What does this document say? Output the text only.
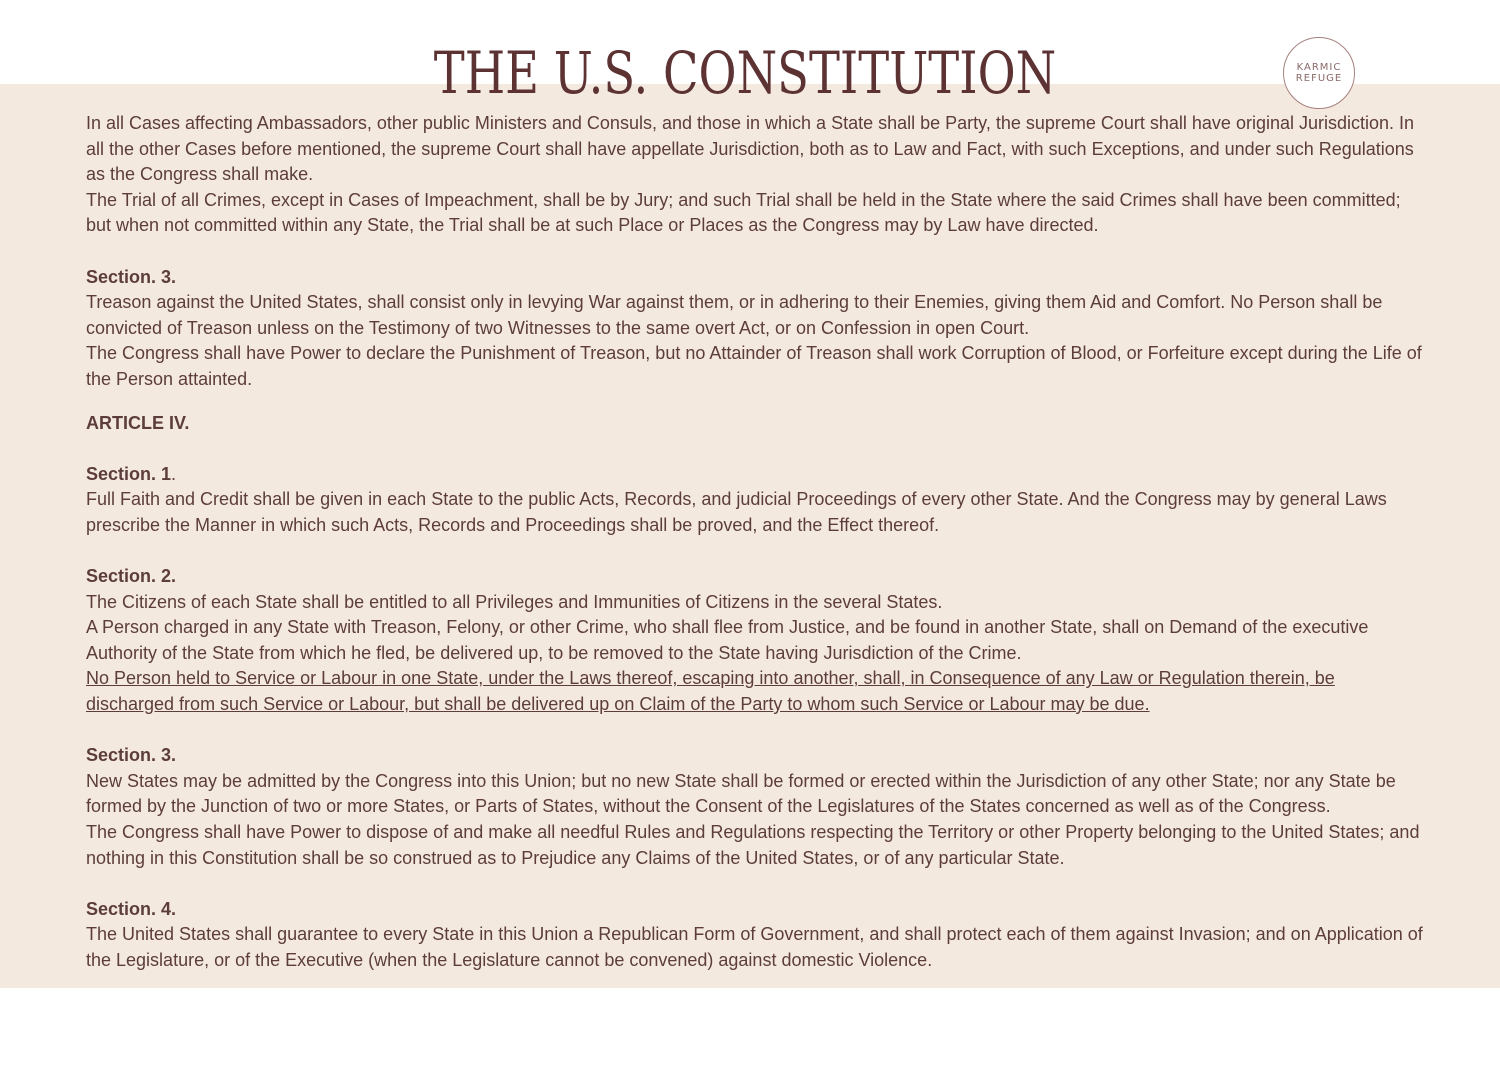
THE U.S. CONSTITUTION	KARMIC
REFUGE

In all Cases affecting Ambassadors, other public Ministers and Consuls, and those in which a State shall be Party, the supreme Court shall have original Jurisdiction. In all the other Cases before mentioned, the supreme Court shall have appellate Jurisdiction, both as to Law and Fact, with such Exceptions, and under such Regulations as the Congress shall make.

The Trial of all Crimes, except in Cases of Impeachment, shall be by Jury; and such Trial shall be held in the State where the said Crimes shall have been committed; but when not committed within any State, the Trial shall be at such Place or Places as the Congress may by Law have directed.

Section. 3.

Treason against the United States, shall consist only in levying War against them, or in adhering to their Enemies, giving them Aid and Comfort. No Person shall be convicted of Treason unless on the Testimony of two Witnesses to the same overt Act, or on Confession in open Court.

The Congress shall have Power to declare the Punishment of Treason, but no Attainder of Treason shall work Corruption of Blood, or Forfeiture except during the Life of the Person attainted.

ARTICLE IV.

Section. 1.

Full Faith and Credit shall be given in each State to the public Acts, Records, and judicial Proceedings of every other State. And the Congress may by general Laws prescribe the Manner in which such Acts, Records and Proceedings shall be proved, and the Effect thereof.

Section. 2.

The Citizens of each State shall be entitled to all Privileges and Immunities of Citizens in the several States.

A Person charged in any State with Treason, Felony, or other Crime, who shall flee from Justice, and be found in another State, shall on Demand of the executive Authority of the State from which he fled, be delivered up, to be removed to the State having Jurisdiction of the Crime.

No Person held to Service or Labour in one State, under the Laws thereof, escaping into another, shall, in Consequence of any Law or Regulation therein, be discharged from such Service or Labour, but shall be delivered up on Claim of the Party to whom such Service or Labour may be due.

Section. 3.

New States may be admitted by the Congress into this Union; but no new State shall be formed or erected within the Jurisdiction of any other State; nor any State be formed by the Junction of two or more States, or Parts of States, without the Consent of the Legislatures of the States concerned as well as of the Congress.

The Congress shall have Power to dispose of and make all needful Rules and Regulations respecting the Territory or other Property belonging to the United States; and nothing in this Constitution shall be so construed as to Prejudice any Claims of the United States, or of any particular State.

Section. 4.

The United States shall guarantee to every State in this Union a Republican Form of Government, and shall protect each of them against Invasion; and on Application of the Legislature, or of the Executive (when the Legislature cannot be convened) against domestic Violence.
